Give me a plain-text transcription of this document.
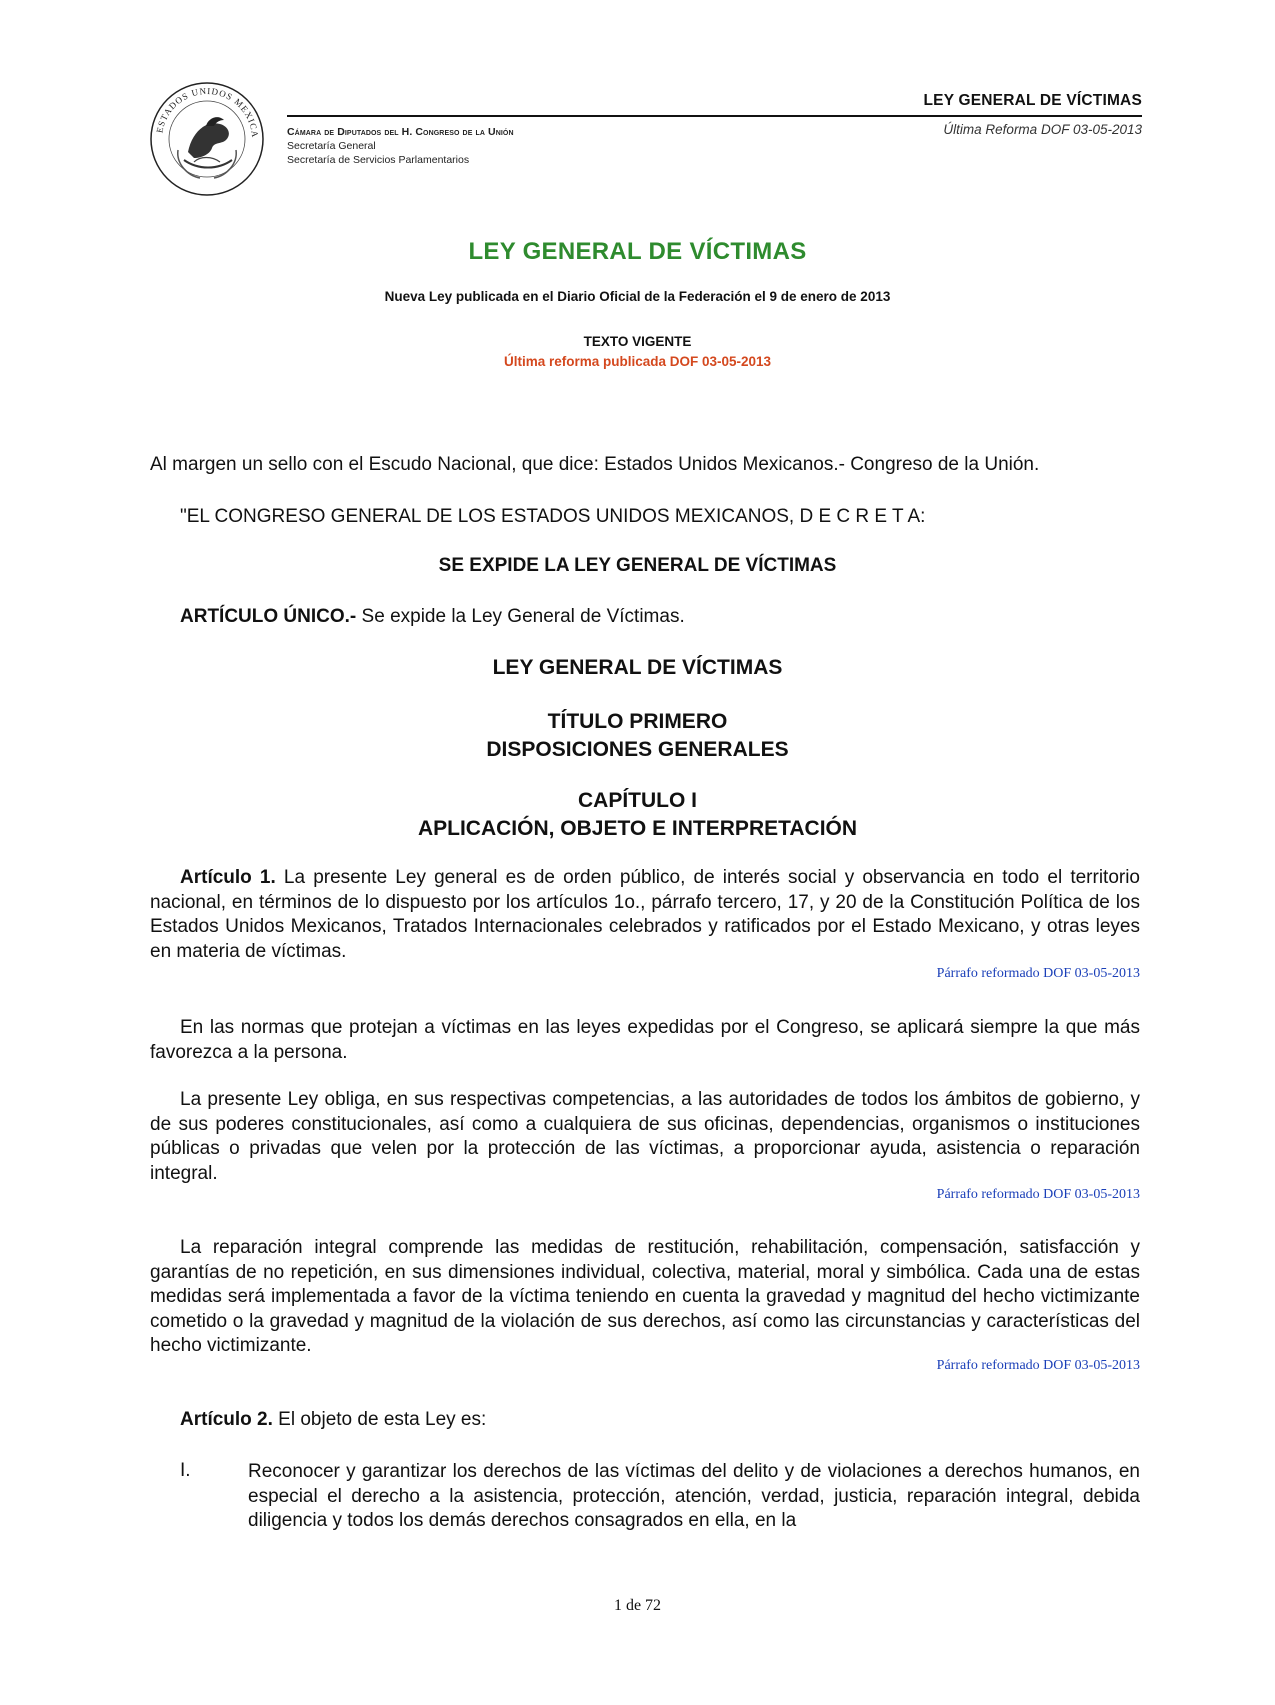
ESTADOS UNIDOS MEXICA	Cámara de Diputados del H. Congreso de la Unión
Secretaría General
Secretaría de Servicios Parlamentarios
LEY GENERAL DE VÍCTIMAS
Última Reforma DOF 03-05-2013
LEY GENERAL DE VÍCTIMAS
Nueva Ley publicada en el Diario Oficial de la Federación el 9 de enero de 2013
TEXTO VIGENTE
Última reforma publicada DOF 03-05-2013
Al margen un sello con el Escudo Nacional, que dice: Estados Unidos Mexicanos.- Congreso de la Unión.
"EL CONGRESO GENERAL DE LOS ESTADOS UNIDOS MEXICANOS, D E C R E T A:
SE EXPIDE LA LEY GENERAL DE VÍCTIMAS
ARTÍCULO ÚNICO.- Se expide la Ley General de Víctimas.
LEY GENERAL DE VÍCTIMAS
TÍTULO PRIMERO
DISPOSICIONES GENERALES
CAPÍTULO I
APLICACIÓN, OBJETO E INTERPRETACIÓN
Artículo 1. La presente Ley general es de orden público, de interés social y observancia en todo el territorio nacional, en términos de lo dispuesto por los artículos 1o., párrafo tercero, 17, y 20 de la Constitución Política de los Estados Unidos Mexicanos, Tratados Internacionales celebrados y ratificados por el Estado Mexicano, y otras leyes en materia de víctimas.
Párrafo reformado DOF 03-05-2013
En las normas que protejan a víctimas en las leyes expedidas por el Congreso, se aplicará siempre la que más favorezca a la persona.
La presente Ley obliga, en sus respectivas competencias, a las autoridades de todos los ámbitos de gobierno, y de sus poderes constitucionales, así como a cualquiera de sus oficinas, dependencias, organismos o instituciones públicas o privadas que velen por la protección de las víctimas, a proporcionar ayuda, asistencia o reparación integral.
Párrafo reformado DOF 03-05-2013
La reparación integral comprende las medidas de restitución, rehabilitación, compensación, satisfacción y garantías de no repetición, en sus dimensiones individual, colectiva, material, moral y simbólica. Cada una de estas medidas será implementada a favor de la víctima teniendo en cuenta la gravedad y magnitud del hecho victimizante cometido o la gravedad y magnitud de la violación de sus derechos, así como las circunstancias y características del hecho victimizante.
Párrafo reformado DOF 03-05-2013
Artículo 2. El objeto de esta Ley es:
I.	Reconocer y garantizar los derechos de las víctimas del delito y de violaciones a derechos humanos, en especial el derecho a la asistencia, protección, atención, verdad, justicia, reparación integral, debida diligencia y todos los demás derechos consagrados en ella, en la
1 de 72
